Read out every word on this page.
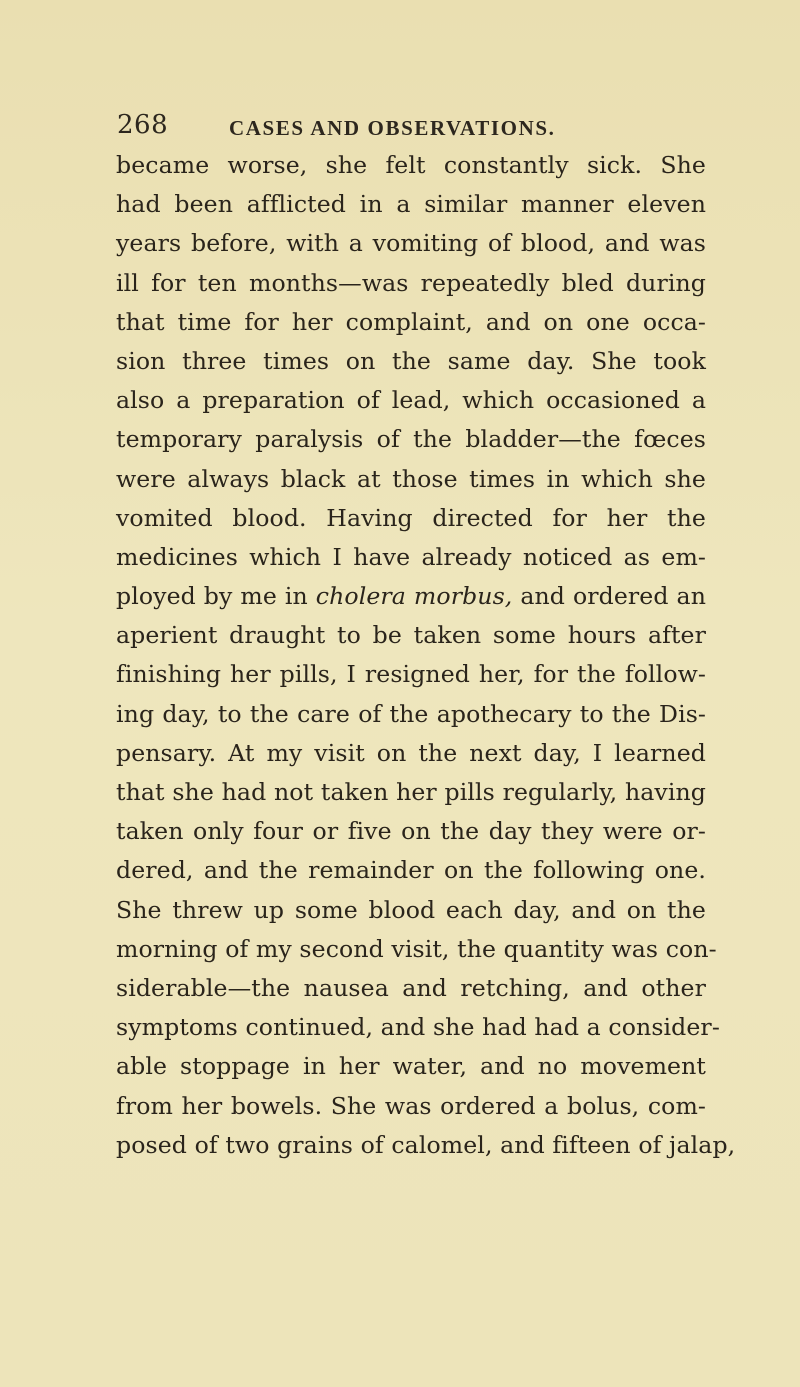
268	CASES AND OBSERVATIONS.
became worse, she felt constantly sick. She
had been afflicted in a similar manner eleven
years before, with a vomiting of blood, and was
ill for ten months—was repeatedly bled during
that time for her complaint, and on one occa-
sion three times on the same day. She took
also a preparation of lead, which occasioned a
temporary paralysis of the bladder—the fœces
were always black at those times in which she
vomited blood. Having directed for her the
medicines which I have already noticed as em-
ployed by me in cholera morbus, and ordered an
aperient draught to be taken some hours after
finishing her pills, I resigned her, for the follow-
ing day, to the care of the apothecary to the Dis-
pensary. At my visit on the next day, I learned
that she had not taken her pills regularly, having
taken only four or five on the day they were or-
dered, and the remainder on the following one.
She threw up some blood each day, and on the
morning of my second visit, the quantity was con-
siderable—the nausea and retching, and other
symptoms continued, and she had had a consider-
able stoppage in her water, and no movement
from her bowels. She was ordered a bolus, com-
posed of two grains of calomel, and fifteen of jalap,
